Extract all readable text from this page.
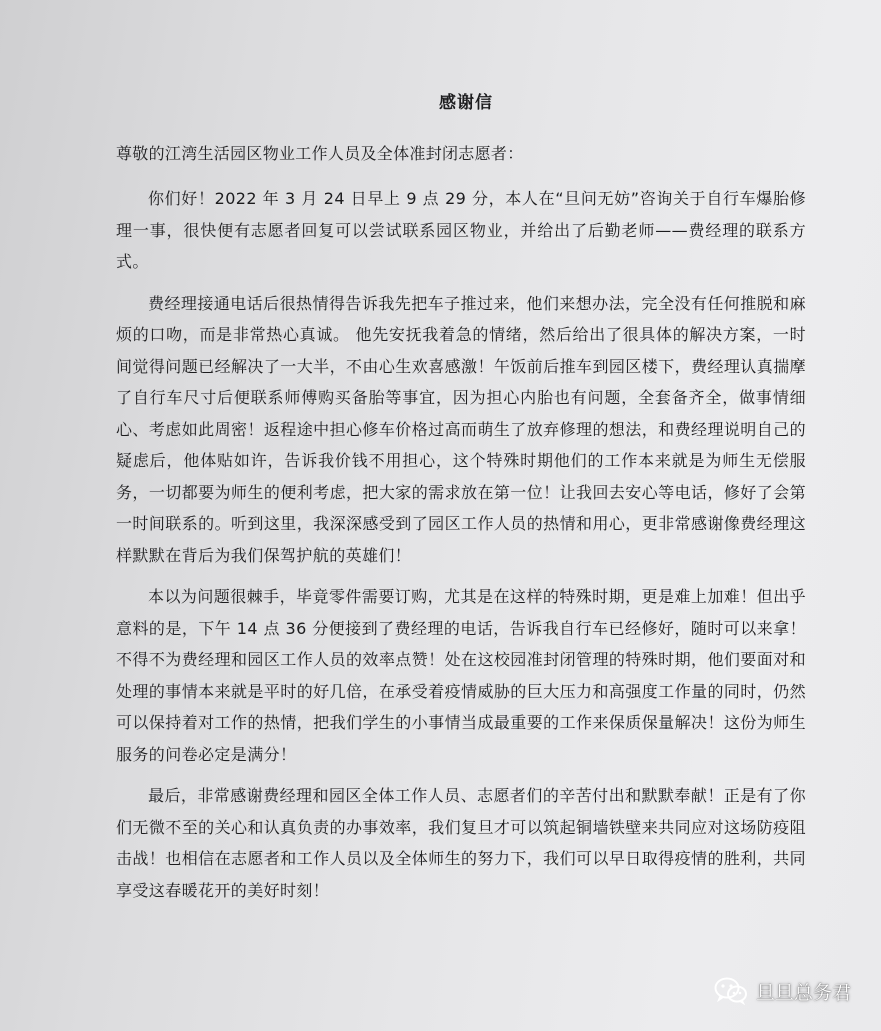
感谢信

尊敬的江湾生活园区物业工作人员及全体准封闭志愿者：

你们好！2022 年 3 月 24 日早上 9 点 29 分，本人在“旦问无妨”咨询关于自行车爆胎修理一事，很快便有志愿者回复可以尝试联系园区物业，并给出了后勤老师——费经理的联系方式。

费经理接通电话后很热情得告诉我先把车子推过来，他们来想办法，完全没有任何推脱和麻烦的口吻，而是非常热心真诚。 他先安抚我着急的情绪，然后给出了很具体的解决方案，一时间觉得问题已经解决了一大半，不由心生欢喜感激！午饭前后推车到园区楼下，费经理认真揣摩了自行车尺寸后便联系师傅购买备胎等事宜，因为担心内胎也有问题，全套备齐全，做事情细心、考虑如此周密！返程途中担心修车价格过高而萌生了放弃修理的想法，和费经理说明自己的疑虑后，他体贴如许，告诉我价钱不用担心，这个特殊时期他们的工作本来就是为师生无偿服务，一切都要为师生的便利考虑，把大家的需求放在第一位！让我回去安心等电话，修好了会第一时间联系的。听到这里，我深深感受到了园区工作人员的热情和用心，更非常感谢像费经理这样默默在背后为我们保驾护航的英雄们！

本以为问题很棘手，毕竟零件需要订购，尤其是在这样的特殊时期，更是难上加难！但出乎意料的是，下午 14 点 36 分便接到了费经理的电话，告诉我自行车已经修好，随时可以来拿！不得不为费经理和园区工作人员的效率点赞！处在这校园准封闭管理的特殊时期，他们要面对和处理的事情本来就是平时的好几倍，在承受着疫情威胁的巨大压力和高强度工作量的同时，仍然可以保持着对工作的热情，把我们学生的小事情当成最重要的工作来保质保量解决！这份为师生服务的问卷必定是满分！

最后，非常感谢费经理和园区全体工作人员、志愿者们的辛苦付出和默默奉献！正是有了你们无微不至的关心和认真负责的办事效率，我们复旦才可以筑起铜墙铁壁来共同应对这场防疫阻击战！也相信在志愿者和工作人员以及全体师生的努力下，我们可以早日取得疫情的胜利，共同享受这春暖花开的美好时刻！

旦旦总务君
